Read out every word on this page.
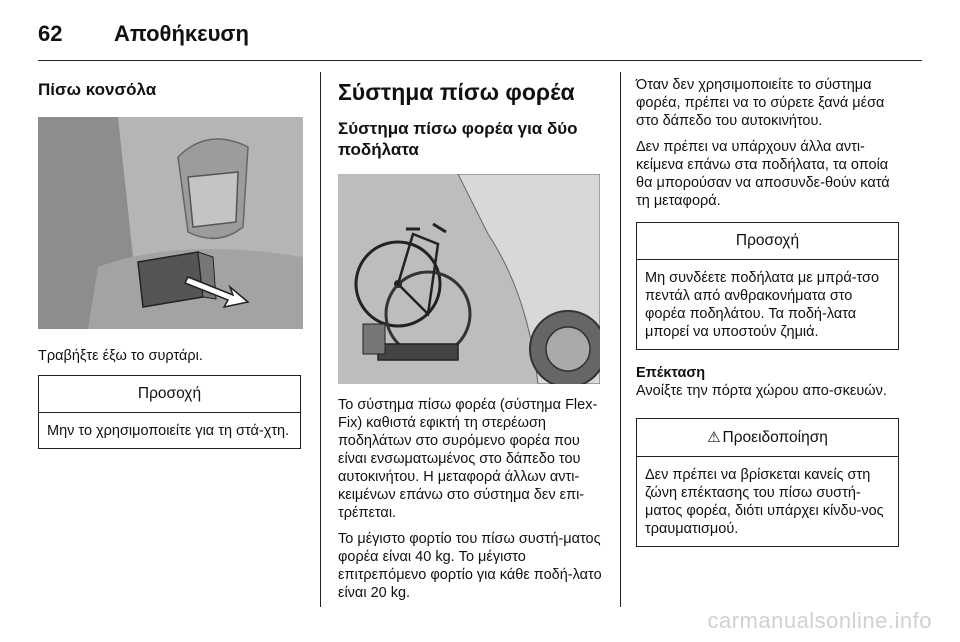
62	Αποθήκευση
Πίσω κονσόλα

Τραβήξτε έξω το συρτάρι.

Προσοχή
Μην το χρησιμοποιείτε για τη στά-χτη.
Σύστημα πίσω φορέα
Σύστημα πίσω φορέα για δύο ποδήλατα

Το σύστημα πίσω φορέα (σύστημα Flex-Fix) καθιστά εφικτή τη στερέωση ποδηλάτων στο συρόμενο φορέα που είναι ενσωματωμένος στο δάπεδο του αυτοκινήτου. Η μεταφορά άλλων αντι-κειμένων επάνω στο σύστημα δεν επι-τρέπεται.

Το μέγιστο φορτίο του πίσω συστή-ματος φορέα είναι 40 kg. Το μέγιστο επιτρεπόμενο φορτίο για κάθε ποδή-λατο είναι 20 kg.

Όταν δεν χρησιμοποιείτε το σύστημα φορέα, πρέπει να το σύρετε ξανά μέσα στο δάπεδο του αυτοκινήτου.

Δεν πρέπει να υπάρχουν άλλα αντι-κείμενα επάνω στα ποδήλατα, τα οποία θα μπορούσαν να αποσυνδε-θούν κατά τη μεταφορά.

Προσοχή
Μη συνδέετε ποδήλατα με μπρά-τσο πεντάλ από ανθρακονήματα στο φορέα ποδηλάτου. Τα ποδή-λατα μπορεί να υποστούν ζημιά.

Επέκταση

Ανοίξτε την πόρτα χώρου απο-σκευών.

⚠ Προειδοποίηση
Δεν πρέπει να βρίσκεται κανείς στη ζώνη επέκτασης του πίσω συστή-ματος φορέα, διότι υπάρχει κίνδυ-νος τραυματισμού.
carmanualsonline.info
